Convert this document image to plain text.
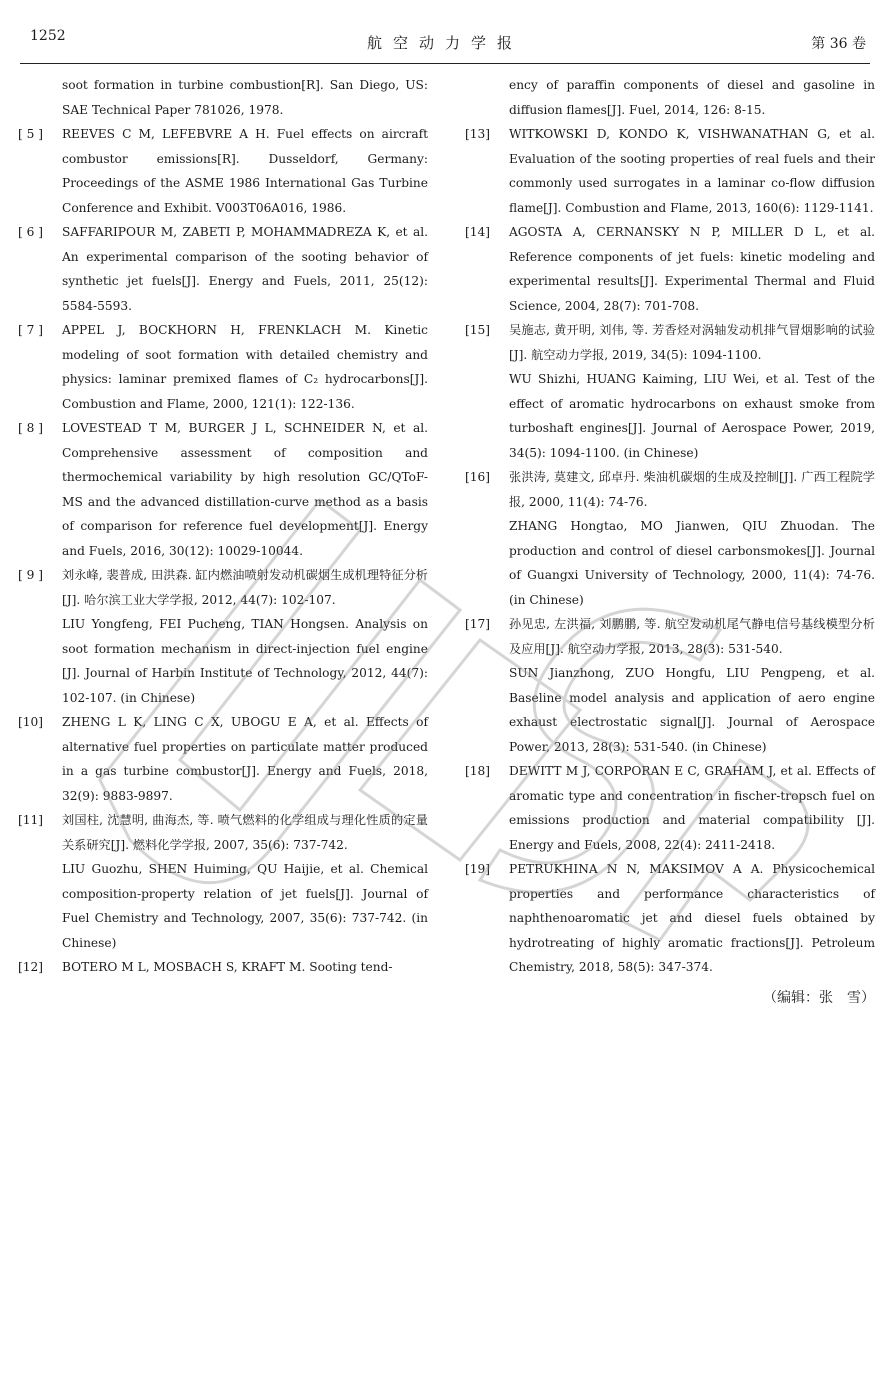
1252	航空动力学报	第 36 卷

soot formation in turbine combustion[R]. San Diego, US: SAE Technical Paper 781026, 1978.

[ 5 ]	REEVES C M, LEFEBVRE A H. Fuel effects on aircraft combustor emissions[R]. Dusseldorf, Germany: Proceedings of the ASME 1986 International Gas Turbine Conference and Exhibit. V003T06A016, 1986.

[ 6 ]	SAFFARIPOUR M, ZABETI P, MOHAMMADREZA K, et al. An experimental comparison of the sooting behavior of synthetic jet fuels[J]. Energy and Fuels, 2011, 25(12): 5584-5593.

[ 7 ]	APPEL J, BOCKHORN H, FRENKLACH M. Kinetic modeling of soot formation with detailed chemistry and physics: laminar premixed flames of C₂ hydrocarbons[J]. Combustion and Flame, 2000, 121(1): 122-136.

[ 8 ]	LOVESTEAD T M, BURGER J L, SCHNEIDER N, et al. Comprehensive assessment of composition and thermochemical variability by high resolution GC/QToF-MS and the advanced distillation-curve method as a basis of comparison for reference fuel development[J]. Energy and Fuels, 2016, 30(12): 10029-10044.

[ 9 ]	刘永峰, 裴普成, 田洪森. 缸内燃油喷射发动机碳烟生成机理特征分析[J]. 哈尔滨工业大学学报, 2012, 44(7): 102-107.

LIU Yongfeng, FEI Pucheng, TIAN Hongsen. Analysis on soot formation mechanism in direct-injection fuel engine [J]. Journal of Harbin Institute of Technology, 2012, 44(7): 102-107. (in Chinese)

[10]	ZHENG L K, LING C X, UBOGU E A, et al. Effects of alternative fuel properties on particulate matter produced in a gas turbine combustor[J]. Energy and Fuels, 2018, 32(9): 9883-9897.

[11]	刘国柱, 沈慧明, 曲海杰, 等. 喷气燃料的化学组成与理化性质的定量关系研究[J]. 燃料化学学报, 2007, 35(6): 737-742.

LIU Guozhu, SHEN Huiming, QU Haijie, et al. Chemical composition-property relation of jet fuels[J]. Journal of Fuel Chemistry and Technology, 2007, 35(6): 737-742. (in Chinese)

[12]	BOTERO M L, MOSBACH S, KRAFT M. Sooting tend-

ency of paraffin components of diesel and gasoline in diffusion flames[J]. Fuel, 2014, 126: 8-15.

[13]	WITKOWSKI D, KONDO K, VISHWANATHAN G, et al. Evaluation of the sooting properties of real fuels and their commonly used surrogates in a laminar co-flow diffusion flame[J]. Combustion and Flame, 2013, 160(6): 1129-1141.

[14]	AGOSTA A, CERNANSKY N P, MILLER D L, et al. Reference components of jet fuels: kinetic modeling and experimental results[J]. Experimental Thermal and Fluid Science, 2004, 28(7): 701-708.

[15]	吴施志, 黄开明, 刘伟, 等. 芳香烃对涡轴发动机排气冒烟影响的试验[J]. 航空动力学报, 2019, 34(5): 1094-1100.

WU Shizhi, HUANG Kaiming, LIU Wei, et al. Test of the effect of aromatic hydrocarbons on exhaust smoke from turboshaft engines[J]. Journal of Aerospace Power, 2019, 34(5): 1094-1100. (in Chinese)

[16]	张洪涛, 莫建文, 邱卓丹. 柴油机碳烟的生成及控制[J]. 广西工程院学报, 2000, 11(4): 74-76.

ZHANG Hongtao, MO Jianwen, QIU Zhuodan. The production and control of diesel carbonsmokes[J]. Journal of Guangxi University of Technology, 2000, 11(4): 74-76. (in Chinese)

[17]	孙见忠, 左洪福, 刘鹏鹏, 等. 航空发动机尾气静电信号基线模型分析及应用[J]. 航空动力学报, 2013, 28(3): 531-540.

SUN Jianzhong, ZUO Hongfu, LIU Pengpeng, et al. Baseline model analysis and application of aero engine exhaust electrostatic signal[J]. Journal of Aerospace Power, 2013, 28(3): 531-540. (in Chinese)

[18]	DEWITT M J, CORPORAN E C, GRAHAM J, et al. Effects of aromatic type and concentration in fischer-tropsch fuel on emissions production and material compatibility [J]. Energy and Fuels, 2008, 22(4): 2411-2418.

[19]	PETRUKHINA N N, MAKSIMOV A A. Physicochemical properties and performance characteristics of naphthenoaromatic jet and diesel fuels obtained by hydrotreating of highly aromatic fractions[J]. Petroleum Chemistry, 2018, 58(5): 347-374.

（编辑：张　雪）
